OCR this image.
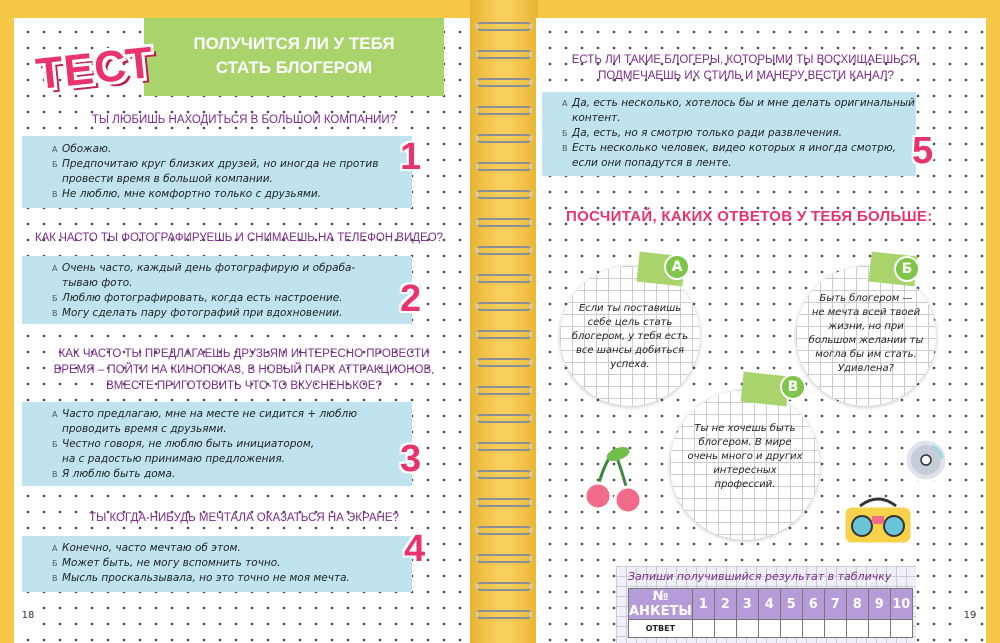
ПОЛУЧИТСЯ ЛИ У ТЕБЯ
СТАТЬ БЛОГЕРОМ
ТЕСТ
ТЫ ЛЮБИШЬ НАХОДИТЬСЯ В БОЛЬШОЙ КОМПАНИИ?
А Обожаю.
Б Предпочитаю круг близких друзей, но иногда не против
провести время в большой компании.
В Не люблю, мне комфортно только с друзьями.
1
КАК ЧАСТО ТЫ ФОТОГРАФИРУЕШЬ И СНИМАЕШЬ НА ТЕЛЕФОН ВИДЕО?
А Очень часто, каждый день фотографирую и обраба-
тываю фото.
Б Люблю фотографировать, когда есть настроение.
В Могу сделать пару фотографий при вдохновении.	2
КАК ЧАСТО ТЫ ПРЕДЛАГАЕШЬ ДРУЗЬЯМ ИНТЕРЕСНО ПРОВЕСТИ
ВРЕМЯ – ПОЙТИ НА КИНОПОКАЗ, В НОВЫЙ ПАРК АТТРАКЦИОНОВ,
ВМЕСТЕ ПРИГОТОВИТЬ ЧТО-ТО ВКУСНЕНЬКОЕ?
А Часто предлагаю, мне на месте не сидится + люблю
проводить время с друзьями.
Б Честно говоря, не люблю быть инициатором,
на с радостью принимаю предложения.
В Я люблю быть дома.	3
ТЫ КОГДА-НИБУДЬ МЕЧТАЛА ОКАЗАТЬСЯ НА ЭКРАНЕ?
А Конечно, часто мечтаю об этом.
Б Может быть, не могу вспомнить точно.
В Мысль проскальзывала, но это точно не моя мечта.
4
18
ЕСТЬ ЛИ ТАКИЕ БЛОГЕРЫ, КОТОРЫМИ ТЫ ВОСХИЩАЕШЬСЯ,
ПОДМЕЧАЕШЬ ИХ СТИЛЬ И МАНЕРУ ВЕСТИ КАНАЛ?
А Да, есть несколько, хотелось бы и мне делать оригинальный
контент.
Б Да, есть, но я смотрю только ради развлечения.
В Есть несколько человек, видео которых я иногда смотрю,
если они попадутся в ленте.	5
ПОСЧИТАЙ, КАКИХ ОТВЕТОВ У ТЕБЯ БОЛЬШЕ:
Если ты поставишь
себе цель стать
блогером, у тебя есть
все шансы добиться
успеха.
А
Быть блогером —
не мечта всей твоей
жизни, но при
большом желании ты
могла бы им стать.
Удивлена?
Б
Ты не хочешь быть
блогером. В мире
очень много и других
интересных
профессий.
В
Запиши получившийся результат в табличку
№ АНКЕТЫ	1	2	3	4	5	6	7	8	9	10
ОТВЕТ										
19
